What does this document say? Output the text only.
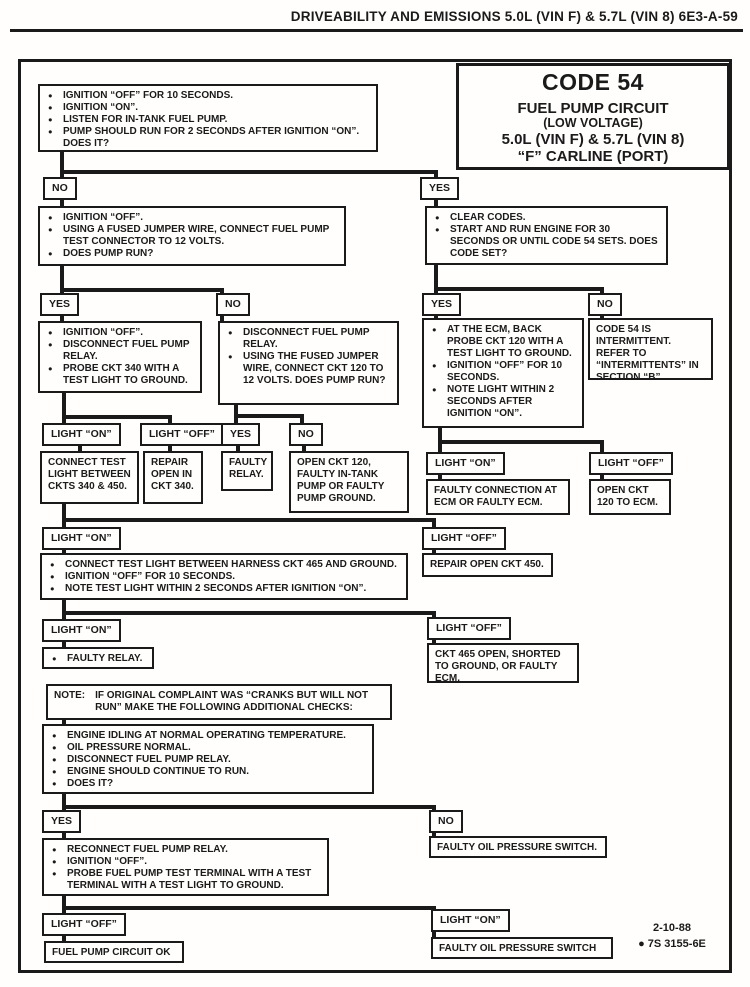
DRIVEABILITY AND EMISSIONS 5.0L (VIN F) & 5.7L (VIN 8) 6E3-A-59
CODE 54
FUEL PUMP CIRCUIT
(LOW VOLTAGE)
5.0L (VIN F) & 5.7L (VIN 8)
“F” CARLINE (PORT)
● IGNITION “OFF” FOR 10 SECONDS.
● IGNITION “ON”.
● LISTEN FOR IN-TANK FUEL PUMP.
● PUMP SHOULD RUN FOR 2 SECONDS AFTER IGNITION “ON”. DOES IT?
NO	YES
● IGNITION “OFF”.
● USING A FUSED JUMPER WIRE, CONNECT FUEL PUMP TEST CONNECTOR TO 12 VOLTS.
● DOES PUMP RUN?
● CLEAR CODES.
● START AND RUN ENGINE FOR 30 SECONDS OR UNTIL CODE 54 SETS. DOES CODE SET?
YES	NO	YES	NO
● IGNITION “OFF”.
● DISCONNECT FUEL PUMP RELAY.
● PROBE CKT 340 WITH A TEST LIGHT TO GROUND.
● DISCONNECT FUEL PUMP RELAY.
● USING THE FUSED JUMPER WIRE, CONNECT CKT 120 TO 12 VOLTS. DOES PUMP RUN?
● AT THE ECM, BACK PROBE CKT 120 WITH A TEST LIGHT TO GROUND.
● IGNITION “OFF” FOR 10 SECONDS.
● NOTE LIGHT WITHIN 2 SECONDS AFTER IGNITION “ON”.
CODE 54 IS INTERMITTENT. REFER TO “INTERMITTENTS” IN SECTION “B”.
LIGHT “ON”	LIGHT “OFF”	YES	NO
CONNECT TEST LIGHT BETWEEN CKTS 340 & 450.
REPAIR OPEN IN CKT 340.
FAULTY RELAY.
OPEN CKT 120, FAULTY IN-TANK PUMP OR FAULTY PUMP GROUND.
LIGHT “ON”	LIGHT “OFF”
FAULTY CONNECTION AT ECM OR FAULTY ECM.
OPEN CKT 120 TO ECM.
LIGHT “ON”	LIGHT “OFF”
● CONNECT TEST LIGHT BETWEEN HARNESS CKT 465 AND GROUND.
● IGNITION “OFF” FOR 10 SECONDS.
● NOTE TEST LIGHT WITHIN 2 SECONDS AFTER IGNITION “ON”.
REPAIR OPEN CKT 450.
LIGHT “ON”	LIGHT “OFF”
● FAULTY RELAY.	CKT 465 OPEN, SHORTED TO GROUND, OR FAULTY ECM.
NOTE: IF ORIGINAL COMPLAINT WAS “CRANKS BUT WILL NOT RUN” MAKE THE FOLLOWING ADDITIONAL CHECKS:
● ENGINE IDLING AT NORMAL OPERATING TEMPERATURE.
● OIL PRESSURE NORMAL.
● DISCONNECT FUEL PUMP RELAY.
● ENGINE SHOULD CONTINUE TO RUN.
● DOES IT?
YES	NO
● RECONNECT FUEL PUMP RELAY.
● IGNITION “OFF”.
● PROBE FUEL PUMP TEST TERMINAL WITH A TEST TERMINAL WITH A TEST LIGHT TO GROUND.
FAULTY OIL PRESSURE SWITCH.
LIGHT “OFF”	LIGHT “ON”
FUEL PUMP CIRCUIT OK	FAULTY OIL PRESSURE SWITCH
2-10-88
● 7S 3155-6E
